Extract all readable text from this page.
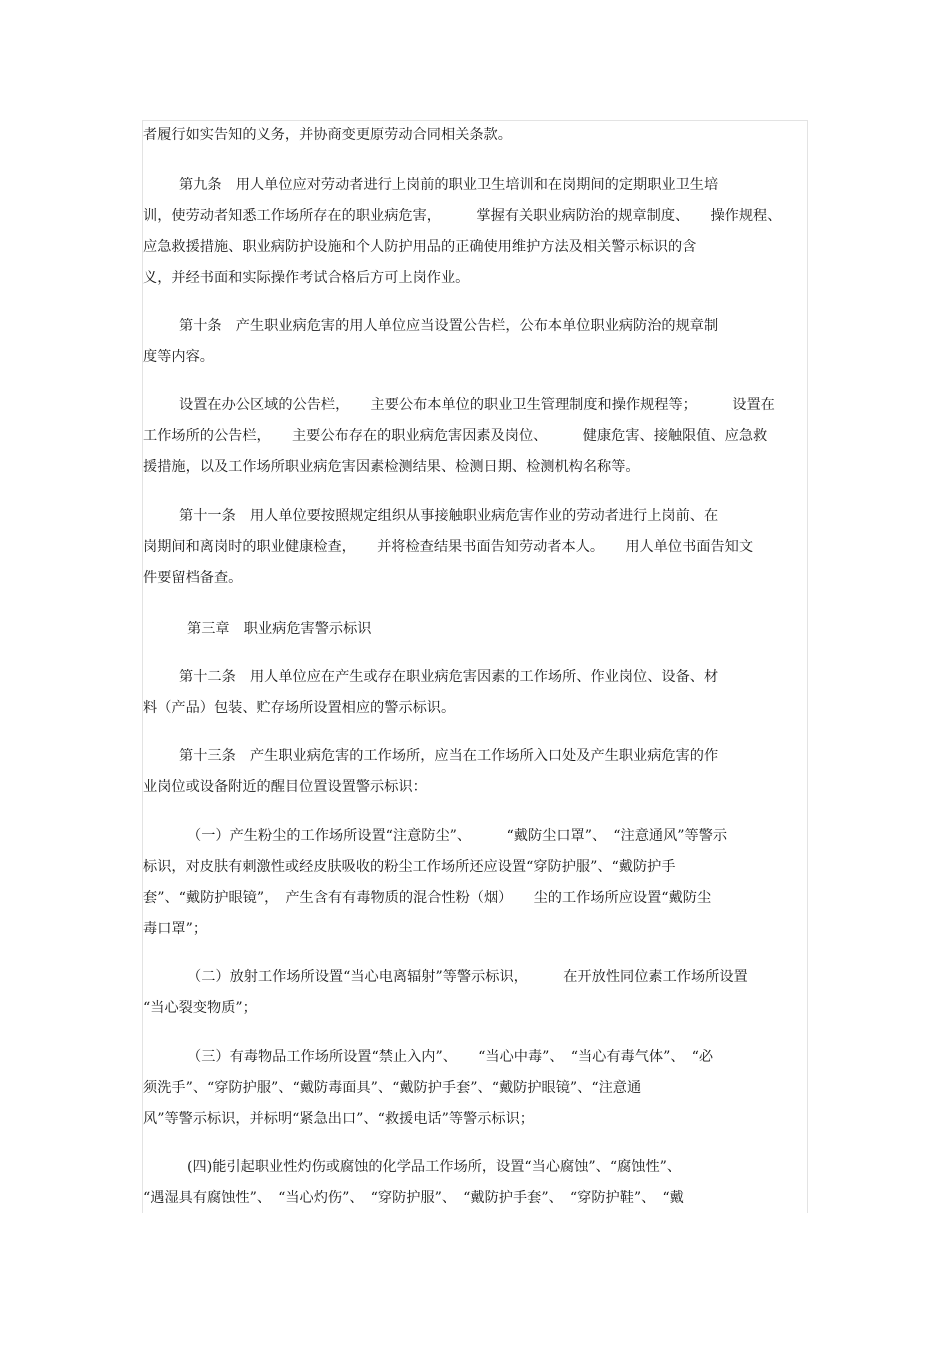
者履行如实告知的义务，并协商变更原劳动合同相关条款。
第九条　用人单位应对劳动者进行上岗前的职业卫生培训和在岗期间的定期职业卫生培
训，使劳动者知悉工作场所存在的职业病危害，　　　掌握有关职业病防治的规章制度、　　操作规程、
应急救援措施、职业病防护设施和个人防护用品的正确使用维护方法及相关警示标识的含
义，并经书面和实际操作考试合格后方可上岗作业。
第十条　产生职业病危害的用人单位应当设置公告栏，公布本单位职业病防治的规章制
度等内容。
设置在办公区域的公告栏，　　主要公布本单位的职业卫生管理制度和操作规程等；　　　设置在
工作场所的公告栏，　　主要公布存在的职业病危害因素及岗位、　　　健康危害、接触限值、应急救
援措施，以及工作场所职业病危害因素检测结果、检测日期、检测机构名称等。
第十一条　用人单位要按照规定组织从事接触职业病危害作业的劳动者进行上岗前、在
岗期间和离岗时的职业健康检查，　　并将检查结果书面告知劳动者本人。　　用人单位书面告知文
件要留档备查。
第三章　职业病危害警示标识
第十二条　用人单位应在产生或存在职业病危害因素的工作场所、作业岗位、设备、材
料（产品）包装、贮存场所设置相应的警示标识。
第十三条　产生职业病危害的工作场所，应当在工作场所入口处及产生职业病危害的作
业岗位或设备附近的醒目位置设置警示标识：
（一）产生粉尘的工作场所设置“注意防尘”、　　　“戴防尘口罩”、　“注意通风”等警示
标识，对皮肤有刺激性或经皮肤吸收的粉尘工作场所还应设置“穿防护服”、“戴防护手
套”、“戴防护眼镜”，　产生含有有毒物质的混合性粉（烟）　　尘的工作场所应设置“戴防尘
毒口罩”；
（二）放射工作场所设置“当心电离辐射”等警示标识，　　　在开放性同位素工作场所设置
“当心裂变物质”；
（三）有毒物品工作场所设置“禁止入内”、　　“当心中毒”、　“当心有毒气体”、　“必
须洗手”、“穿防护服”、“戴防毒面具”、“戴防护手套”、“戴防护眼镜”、“注意通
风”等警示标识，并标明“紧急出口”、“救援电话”等警示标识；
(四)能引起职业性灼伤或腐蚀的化学品工作场所，设置“当心腐蚀”、“腐蚀性”、
“遇湿具有腐蚀性”、　“当心灼伤”、　“穿防护服”、　“戴防护手套”、　“穿防护鞋”、　“戴
